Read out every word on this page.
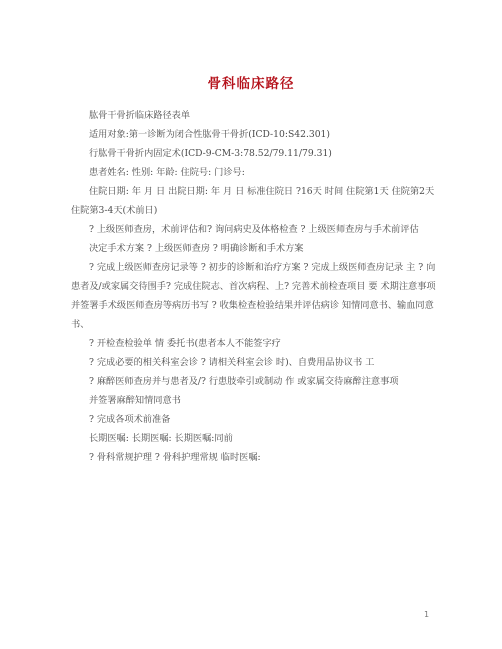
骨科临床路径

肱骨干骨折临床路径表单

适用对象:第一诊断为闭合性肱骨干骨折(ICD-10:S42.301)

行肱骨干骨折内固定术(ICD-9-CM-3:78.52/79.11/79.31)

患者姓名: 性别: 年龄: 住院号: 门诊号:

住院日期: 年 月 日 出院日期: 年 月 日 标准住院日 ?16天 时间 住院第1天 住院第2天 住院第3-4天(术前日)

? 上级医师查房，术前评估和? 询问病史及体格检查 ? 上级医师查房与手术前评估

决定手术方案 ? 上级医师查房 ? 明确诊断和手术方案

? 完成上级医师查房记录等 ? 初步的诊断和治疗方案 ? 完成上级医师查房记录 主 ? 向患者及/或家属交待围手? 完成住院志、首次病程、上? 完善术前检查项目 要 术期注意事项并签署手术级医师查房等病历书写 ? 收集检查检验结果并评估病诊 知情同意书、输血同意书、

? 开检查检验单 情 委托书(患者本人不能签字疗

? 完成必要的相关科室会诊 ? 请相关科室会诊 时)、自费用品协议书 工

? 麻醉医师查房并与患者及/? 行患肢牵引或制动 作 或家属交待麻醉注意事项

并签署麻醉知情同意书

? 完成各项术前准备

长期医嘱: 长期医嘱: 长期医嘱:同前

? 骨科常规护理 ? 骨科护理常规 临时医嘱:

1
